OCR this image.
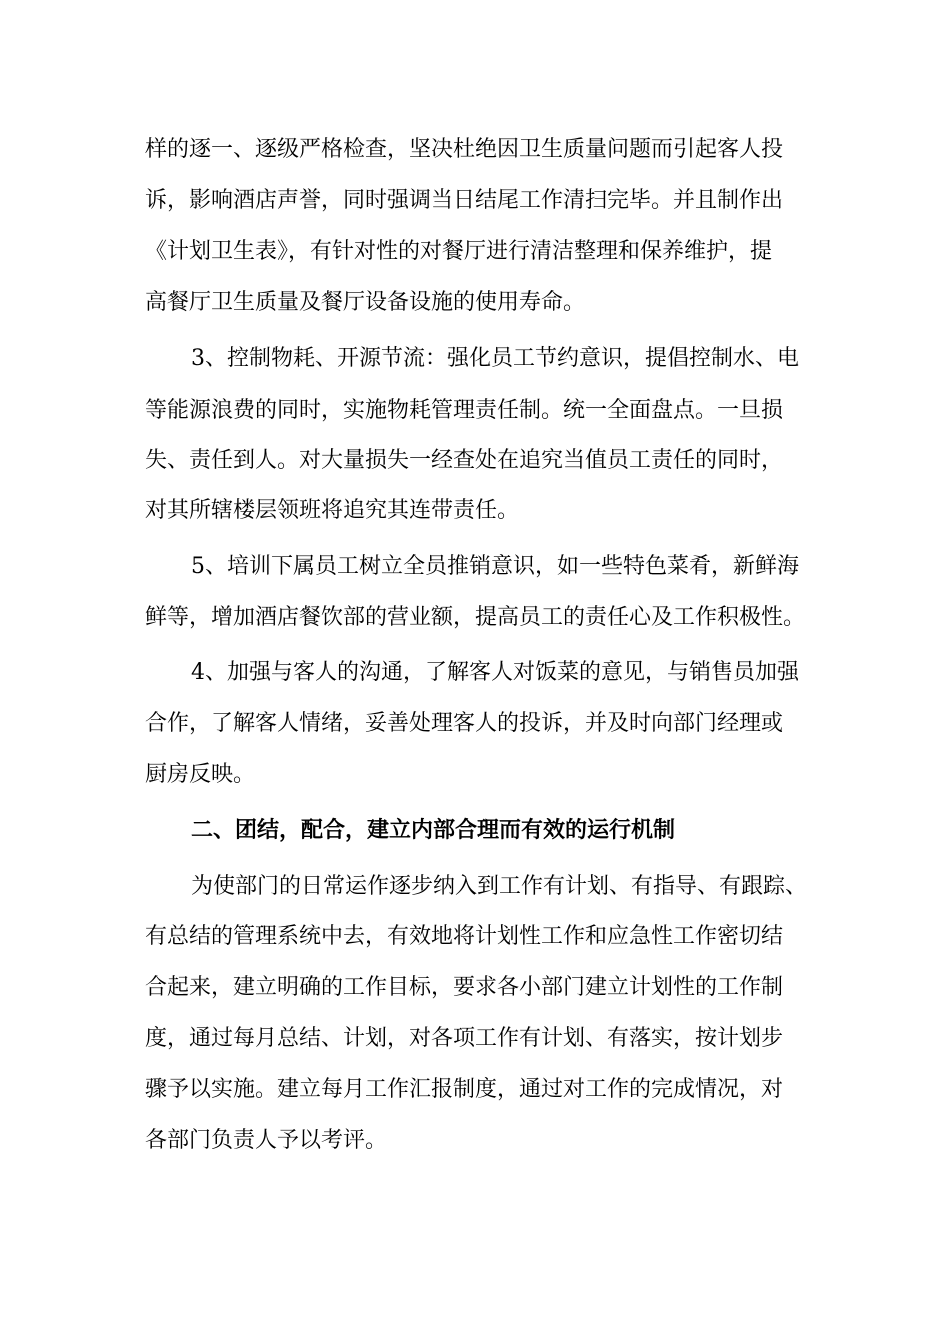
样的逐一、逐级严格检查，坚决杜绝因卫生质量问题而引起客人投
诉，影响酒店声誉，同时强调当日结尾工作清扫完毕。并且制作出
《计划卫生表》，有针对性的对餐厅进行清洁整理和保养维护，提
高餐厅卫生质量及餐厅设备设施的使用寿命。
3、控制物耗、开源节流：强化员工节约意识，提倡控制水、电
等能源浪费的同时，实施物耗管理责任制。统一全面盘点。一旦损
失、责任到人。对大量损失一经查处在追究当值员工责任的同时，
对其所辖楼层领班将追究其连带责任。
5、培训下属员工树立全员推销意识，如一些特色菜肴，新鲜海
鲜等，增加酒店餐饮部的营业额，提高员工的责任心及工作积极性。
4、加强与客人的沟通，了解客人对饭菜的意见，与销售员加强
合作，了解客人情绪，妥善处理客人的投诉，并及时向部门经理或
厨房反映。
二、团结，配合，建立内部合理而有效的运行机制
为使部门的日常运作逐步纳入到工作有计划、有指导、有跟踪、
有总结的管理系统中去，有效地将计划性工作和应急性工作密切结
合起来，建立明确的工作目标，要求各小部门建立计划性的工作制
度，通过每月总结、计划，对各项工作有计划、有落实，按计划步
骤予以实施。建立每月工作汇报制度，通过对工作的完成情况，对
各部门负责人予以考评。
